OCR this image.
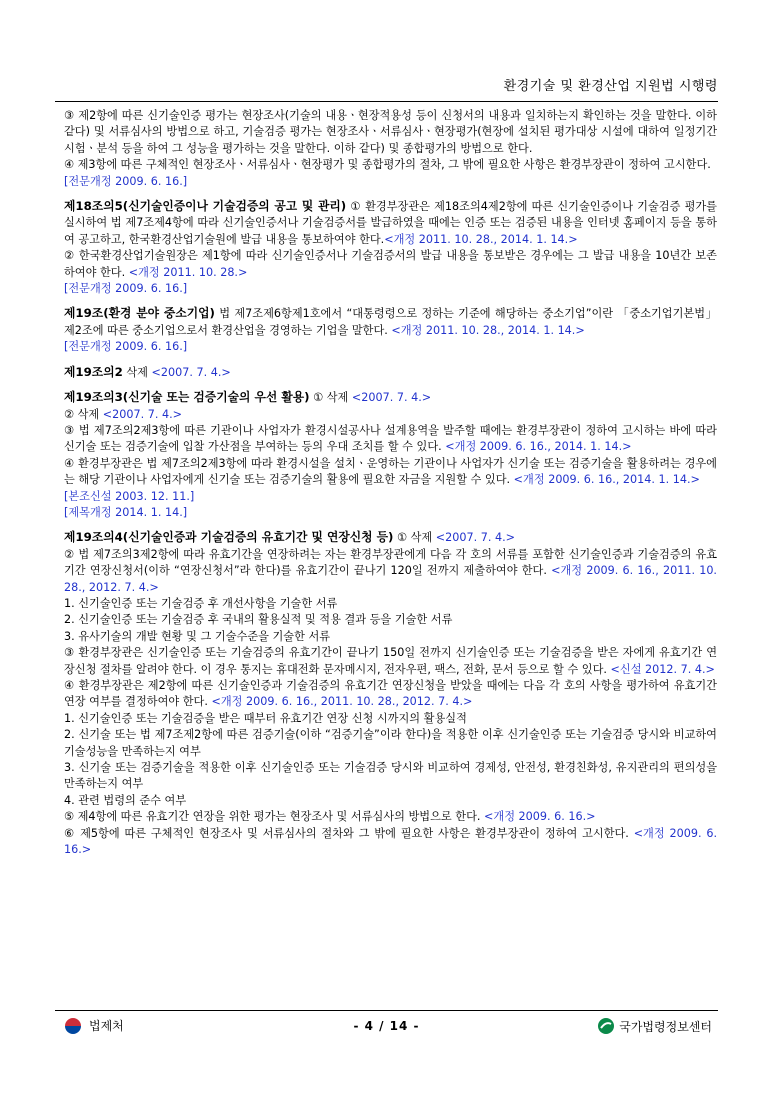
환경기술 및 환경산업 지원법 시행령

③ 제2항에 따른 신기술인증 평가는 현장조사(기술의 내용ㆍ현장적용성 등이 신청서의 내용과 일치하는지 확인하는 것을 말한다. 이하 같다) 및 서류심사의 방법으로 하고, 기술검증 평가는 현장조사ㆍ서류심사ㆍ현장평가(현장에 설치된 평가대상 시설에 대하여 일정기간 시험ㆍ분석 등을 하여 그 성능을 평가하는 것을 말한다. 이하 같다) 및 종합평가의 방법으로 한다.

④ 제3항에 따른 구체적인 현장조사ㆍ서류심사ㆍ현장평가 및 종합평가의 절차, 그 밖에 필요한 사항은 환경부장관이 정하여 고시한다.

[전문개정 2009. 6. 16.]

제18조의5(신기술인증이나 기술검증의 공고 및 관리) ① 환경부장관은 제18조의4제2항에 따른 신기술인증이나 기술검증 평가를 실시하여 법 제7조제4항에 따라 신기술인증서나 기술검증서를 발급하였을 때에는 인증 또는 검증된 내용을 인터넷 홈페이지 등을 통하여 공고하고, 한국환경산업기술원에 발급 내용을 통보하여야 한다.<개정 2011. 10. 28., 2014. 1. 14.>

② 한국환경산업기술원장은 제1항에 따라 신기술인증서나 기술검증서의 발급 내용을 통보받은 경우에는 그 발급 내용을 10년간 보존하여야 한다. <개정 2011. 10. 28.>

[전문개정 2009. 6. 16.]

제19조(환경 분야 중소기업) 법 제7조제6항제1호에서 “대통령령으로 정하는 기준에 해당하는 중소기업”이란 「중소기업기본법」 제2조에 따른 중소기업으로서 환경산업을 경영하는 기업을 말한다. <개정 2011. 10. 28., 2014. 1. 14.>

[전문개정 2009. 6. 16.]

제19조의2 삭제 <2007. 7. 4.>

제19조의3(신기술 또는 검증기술의 우선 활용) ① 삭제 <2007. 7. 4.>

② 삭제 <2007. 7. 4.>

③ 법 제7조의2제3항에 따른 기관이나 사업자가 환경시설공사나 설계용역을 발주할 때에는 환경부장관이 정하여 고시하는 바에 따라 신기술 또는 검증기술에 입찰 가산점을 부여하는 등의 우대 조치를 할 수 있다. <개정 2009. 6. 16., 2014. 1. 14.>

④ 환경부장관은 법 제7조의2제3항에 따라 환경시설을 설치ㆍ운영하는 기관이나 사업자가 신기술 또는 검증기술을 활용하려는 경우에는 해당 기관이나 사업자에게 신기술 또는 검증기술의 활용에 필요한 자금을 지원할 수 있다. <개정 2009. 6. 16., 2014. 1. 14.>

[본조신설 2003. 12. 11.]

[제목개정 2014. 1. 14.]

제19조의4(신기술인증과 기술검증의 유효기간 및 연장신청 등) ① 삭제 <2007. 7. 4.>

② 법 제7조의3제2항에 따라 유효기간을 연장하려는 자는 환경부장관에게 다음 각 호의 서류를 포함한 신기술인증과 기술검증의 유효기간 연장신청서(이하 “연장신청서”라 한다)를 유효기간이 끝나기 120일 전까지 제출하여야 한다. <개정 2009. 6. 16., 2011. 10. 28., 2012. 7. 4.>

1. 신기술인증 또는 기술검증 후 개선사항을 기술한 서류

2. 신기술인증 또는 기술검증 후 국내의 활용실적 및 적용 결과 등을 기술한 서류

3. 유사기술의 개발 현황 및 그 기술수준을 기술한 서류

③ 환경부장관은 신기술인증 또는 기술검증의 유효기간이 끝나기 150일 전까지 신기술인증 또는 기술검증을 받은 자에게 유효기간 연장신청 절차를 알려야 한다. 이 경우 통지는 휴대전화 문자메시지, 전자우편, 팩스, 전화, 문서 등으로 할 수 있다. <신설 2012. 7. 4.>

④ 환경부장관은 제2항에 따른 신기술인증과 기술검증의 유효기간 연장신청을 받았을 때에는 다음 각 호의 사항을 평가하여 유효기간 연장 여부를 결정하여야 한다. <개정 2009. 6. 16., 2011. 10. 28., 2012. 7. 4.>

1. 신기술인증 또는 기술검증을 받은 때부터 유효기간 연장 신청 시까지의 활용실적

2. 신기술 또는 법 제7조제2항에 따른 검증기술(이하 “검증기술”이라 한다)을 적용한 이후 신기술인증 또는 기술검증 당시와 비교하여 기술성능을 만족하는지 여부

3. 신기술 또는 검증기술을 적용한 이후 신기술인증 또는 기술검증 당시와 비교하여 경제성, 안전성, 환경친화성, 유지관리의 편의성을 만족하는지 여부

4. 관련 법령의 준수 여부

⑤ 제4항에 따른 유효기간 연장을 위한 평가는 현장조사 및 서류심사의 방법으로 한다. <개정 2009. 6. 16.>

⑥ 제5항에 따른 구체적인 현장조사 및 서류심사의 절차와 그 밖에 필요한 사항은 환경부장관이 정하여 고시한다. <개정 2009. 6. 16.>

법제처	- 4 / 14 -	국가법령정보센터
